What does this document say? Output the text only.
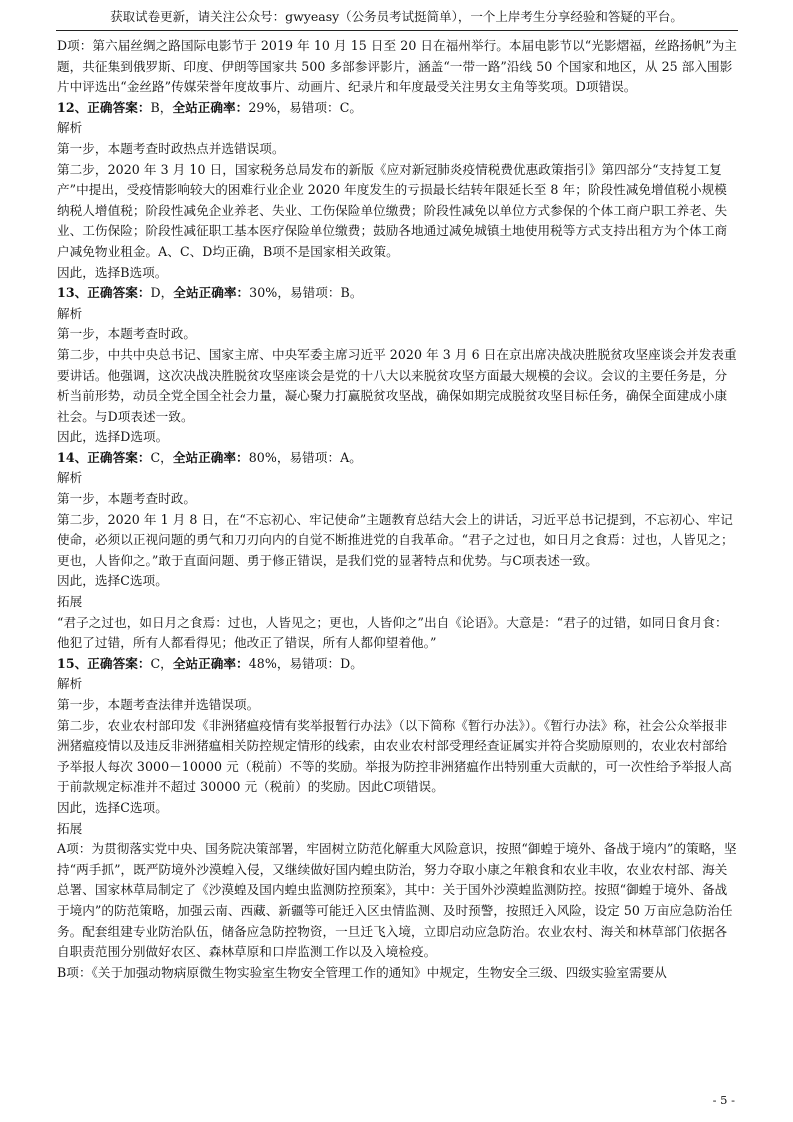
获取试卷更新，请关注公众号：gwyeasy（公务员考试挺简单），一个上岸考生分享经验和答疑的平台。

D项：第六届丝绸之路国际电影节于 2019 年 10 月 15 日至 20 日在福州举行。本届电影节以“光影熠福，丝路扬帆”为主题，共征集到俄罗斯、印度、伊朗等国家共 500 多部参评影片，涵盖“一带一路”沿线 50 个国家和地区，从 25 部入围影片中评选出“金丝路”传媒荣誉年度故事片、动画片、纪录片和年度最受关注男女主角等奖项。D项错误。

12、正确答案：B，全站正确率：29%，易错项：C。

解析

第一步，本题考查时政热点并选错误项。

第二步，2020 年 3 月 10 日，国家税务总局发布的新版《应对新冠肺炎疫情税费优惠政策指引》第四部分“支持复工复产”中提出，受疫情影响较大的困难行业企业 2020 年度发生的亏损最长结转年限延长至 8 年；阶段性减免增值税小规模纳税人增值税；阶段性减免企业养老、失业、工伤保险单位缴费；阶段性减免以单位方式参保的个体工商户职工养老、失业、工伤保险；阶段性减征职工基本医疗保险单位缴费；鼓励各地通过减免城镇土地使用税等方式支持出租方为个体工商户减免物业租金。A、C、D均正确，B项不是国家相关政策。

因此，选择B选项。

13、正确答案：D，全站正确率：30%，易错项：B。

解析

第一步，本题考查时政。

第二步，中共中央总书记、国家主席、中央军委主席习近平 2020 年 3 月 6 日在京出席决战决胜脱贫攻坚座谈会并发表重要讲话。他强调，这次决战决胜脱贫攻坚座谈会是党的十八大以来脱贫攻坚方面最大规模的会议。会议的主要任务是，分析当前形势，动员全党全国全社会力量，凝心聚力打赢脱贫攻坚战，确保如期完成脱贫攻坚目标任务，确保全面建成小康社会。与D项表述一致。

因此，选择D选项。

14、正确答案：C，全站正确率：80%，易错项：A。

解析

第一步，本题考查时政。

第二步，2020 年 1 月 8 日，在“不忘初心、牢记使命”主题教育总结大会上的讲话，习近平总书记提到，不忘初心、牢记使命，必须以正视问题的勇气和刀刃向内的自觉不断推进党的自我革命。“君子之过也，如日月之食焉：过也，人皆见之；更也，人皆仰之。”敢于直面问题、勇于修正错误，是我们党的显著特点和优势。与C项表述一致。

因此，选择C选项。

拓展

“君子之过也，如日月之食焉：过也，人皆见之；更也，人皆仰之”出自《论语》。大意是：“君子的过错，如同日食月食：他犯了过错，所有人都看得见；他改正了错误，所有人都仰望着他。”

15、正确答案：C，全站正确率：48%，易错项：D。

解析

第一步，本题考查法律并选错误项。

第二步，农业农村部印发《非洲猪瘟疫情有奖举报暂行办法》（以下简称《暂行办法》）。《暂行办法》称，社会公众举报非洲猪瘟疫情以及违反非洲猪瘟相关防控规定情形的线索，由农业农村部受理经查证属实并符合奖励原则的，农业农村部给予举报人每次 3000－10000 元（税前）不等的奖励。举报为防控非洲猪瘟作出特别重大贡献的，可一次性给予举报人高于前款规定标准并不超过 30000 元（税前）的奖励。因此C项错误。

因此，选择C选项。

拓展

A项：为贯彻落实党中央、国务院决策部署，牢固树立防范化解重大风险意识，按照“御蝗于境外、备战于境内”的策略，坚持“两手抓”，既严防境外沙漠蝗入侵，又继续做好国内蝗虫防治，努力夺取小康之年粮食和农业丰收，农业农村部、海关总署、国家林草局制定了《沙漠蝗及国内蝗虫监测防控预案》，其中：关于国外沙漠蝗监测防控。按照“御蝗于境外、备战于境内”的防范策略，加强云南、西藏、新疆等可能迁入区虫情监测、及时预警，按照迁入风险，设定 50 万亩应急防治任务。配套组建专业防治队伍，储备应急防控物资，一旦迁飞入境，立即启动应急防治。农业农村、海关和林草部门依据各自职责范围分别做好农区、森林草原和口岸监测工作以及入境检疫。

B项：《关于加强动物病原微生物实验室生物安全管理工作的通知》中规定，生物安全三级、四级实验室需要从

- 5 -
